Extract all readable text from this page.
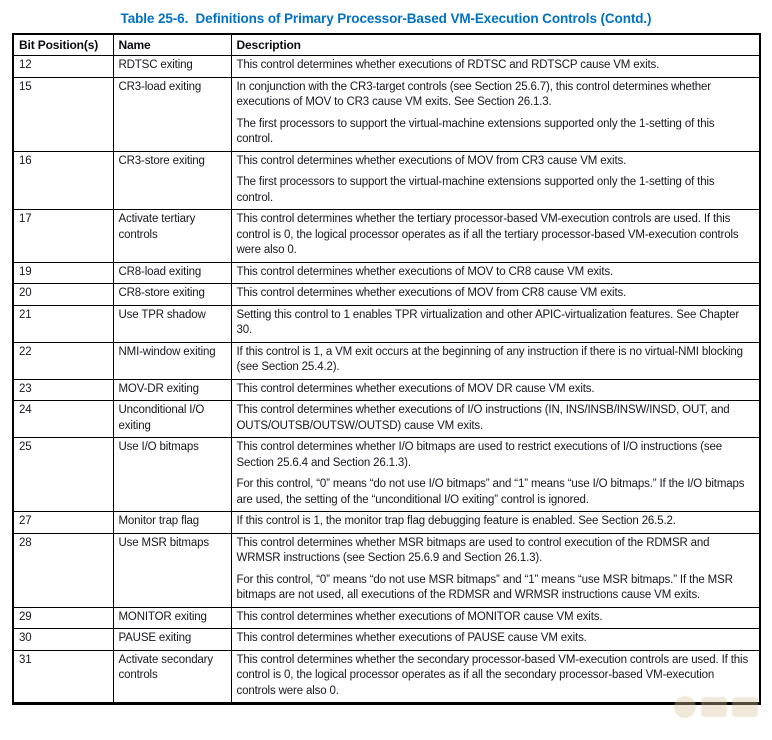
Table 25-6.  Definitions of Primary Processor-Based VM-Execution Controls (Contd.)
Bit Position(s)	Name	Description
12	RDTSC exiting	This control determines whether executions of RDTSC and RDTSCP cause VM exits.

15	CR3-load exiting	In conjunction with the CR3-target controls (see Section 25.6.7), this control determines whether executions of MOV to CR3 cause VM exits. See Section 26.1.3.
The first processors to support the virtual-machine extensions supported only the 1-setting of this control.

16	CR3-store exiting	This control determines whether executions of MOV from CR3 cause VM exits.
The first processors to support the virtual-machine extensions supported only the 1-setting of this control.

17	Activate tertiary controls	This control determines whether the tertiary processor-based VM-execution controls are used. If this control is 0, the logical processor operates as if all the tertiary processor-based VM-execution controls were also 0.

19	CR8-load exiting	This control determines whether executions of MOV to CR8 cause VM exits.

20	CR8-store exiting	This control determines whether executions of MOV from CR8 cause VM exits.

21	Use TPR shadow	Setting this control to 1 enables TPR virtualization and other APIC-virtualization features. See Chapter 30.

22	NMI-window exiting	If this control is 1, a VM exit occurs at the beginning of any instruction if there is no virtual-NMI blocking (see Section 25.4.2).

23	MOV-DR exiting	This control determines whether executions of MOV DR cause VM exits.

24	Unconditional I/O exiting	This control determines whether executions of I/O instructions (IN, INS/INSB/INSW/INSD, OUT, and OUTS/OUTSB/OUTSW/OUTSD) cause VM exits.

25	Use I/O bitmaps	This control determines whether I/O bitmaps are used to restrict executions of I/O instructions (see Section 25.6.4 and Section 26.1.3).
For this control, “0” means “do not use I/O bitmaps” and “1” means “use I/O bitmaps.” If the I/O bitmaps are used, the setting of the “unconditional I/O exiting” control is ignored.

27	Monitor trap flag	If this control is 1, the monitor trap flag debugging feature is enabled. See Section 26.5.2.

28	Use MSR bitmaps	This control determines whether MSR bitmaps are used to control execution of the RDMSR and WRMSR instructions (see Section 25.6.9 and Section 26.1.3).
For this control, “0” means “do not use MSR bitmaps” and “1” means “use MSR bitmaps.” If the MSR bitmaps are not used, all executions of the RDMSR and WRMSR instructions cause VM exits.

29	MONITOR exiting	This control determines whether executions of MONITOR cause VM exits.

30	PAUSE exiting	This control determines whether executions of PAUSE cause VM exits.

31	Activate secondary controls	This control determines whether the secondary processor-based VM-execution controls are used. If this control is 0, the logical processor operates as if all the secondary processor-based VM-execution controls were also 0.
